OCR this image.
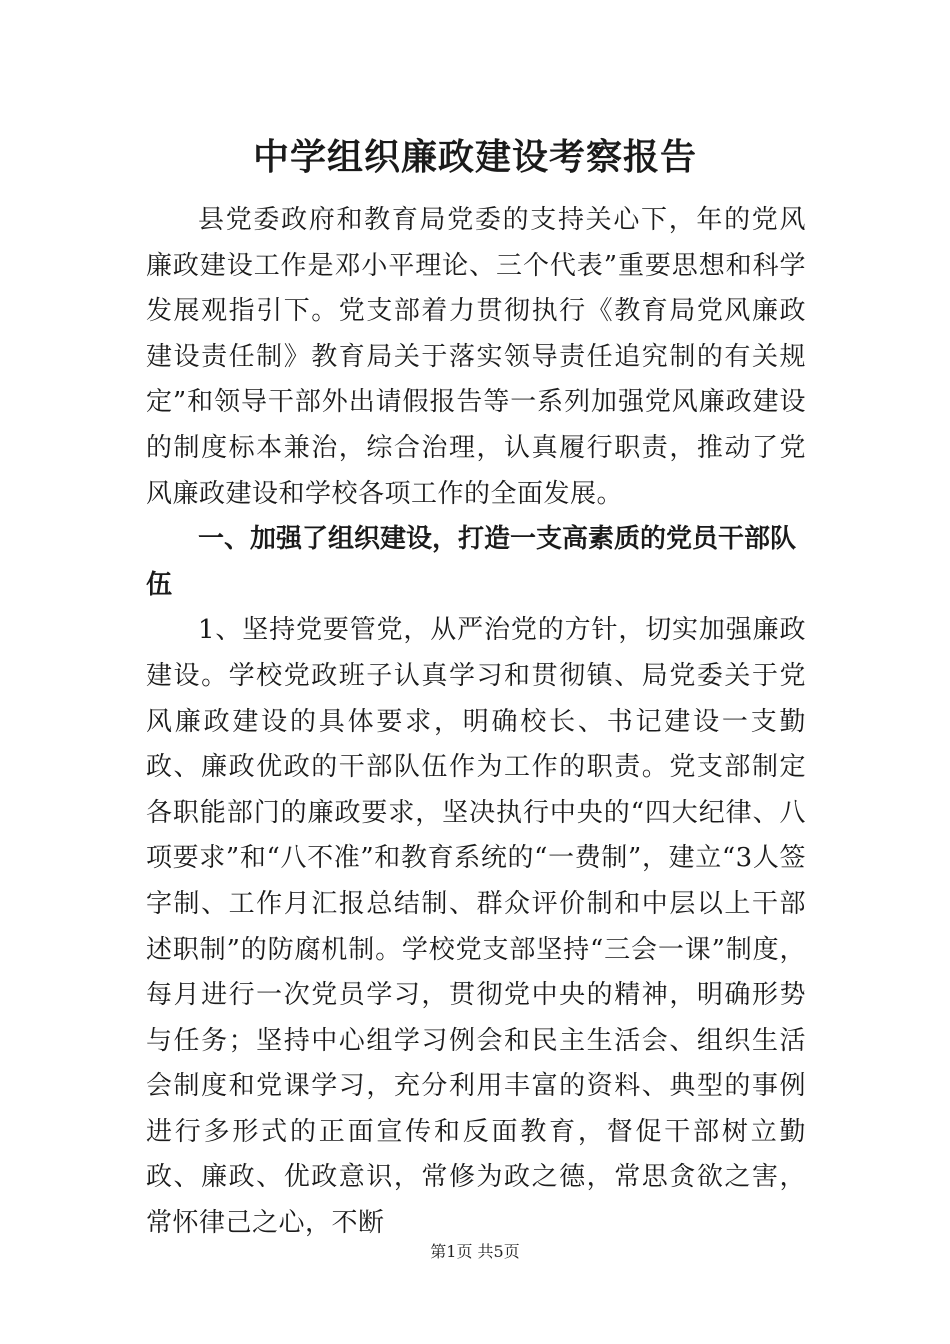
中学组织廉政建设考察报告

县党委政府和教育局党委的支持关心下，年的党风廉政建设工作是邓小平理论、三个代表”重要思想和科学发展观指引下。党支部着力贯彻执行《教育局党风廉政建设责任制》教育局关于落实领导责任追究制的有关规定”和领导干部外出请假报告等一系列加强党风廉政建设的制度标本兼治，综合治理，认真履行职责，推动了党风廉政建设和学校各项工作的全面发展。

一、加强了组织建设，打造一支高素质的党员干部队伍

1、坚持党要管党，从严治党的方针，切实加强廉政建设。学校党政班子认真学习和贯彻镇、局党委关于党风廉政建设的具体要求，明确校长、书记建设一支勤政、廉政优政的干部队伍作为工作的职责。党支部制定各职能部门的廉政要求，坚决执行中央的“四大纪律、八项要求”和“八不准”和教育系统的“一费制”，建立“3人签字制、工作月汇报总结制、群众评价制和中层以上干部述职制”的防腐机制。学校党支部坚持“三会一课”制度，每月进行一次党员学习，贯彻党中央的精神，明确形势与任务；坚持中心组学习例会和民主生活会、组织生活会制度和党课学习，充分利用丰富的资料、典型的事例进行多形式的正面宣传和反面教育，督促干部树立勤政、廉政、优政意识，常修为政之德，常思贪欲之害，常怀律己之心，不断

第1页 共5页
